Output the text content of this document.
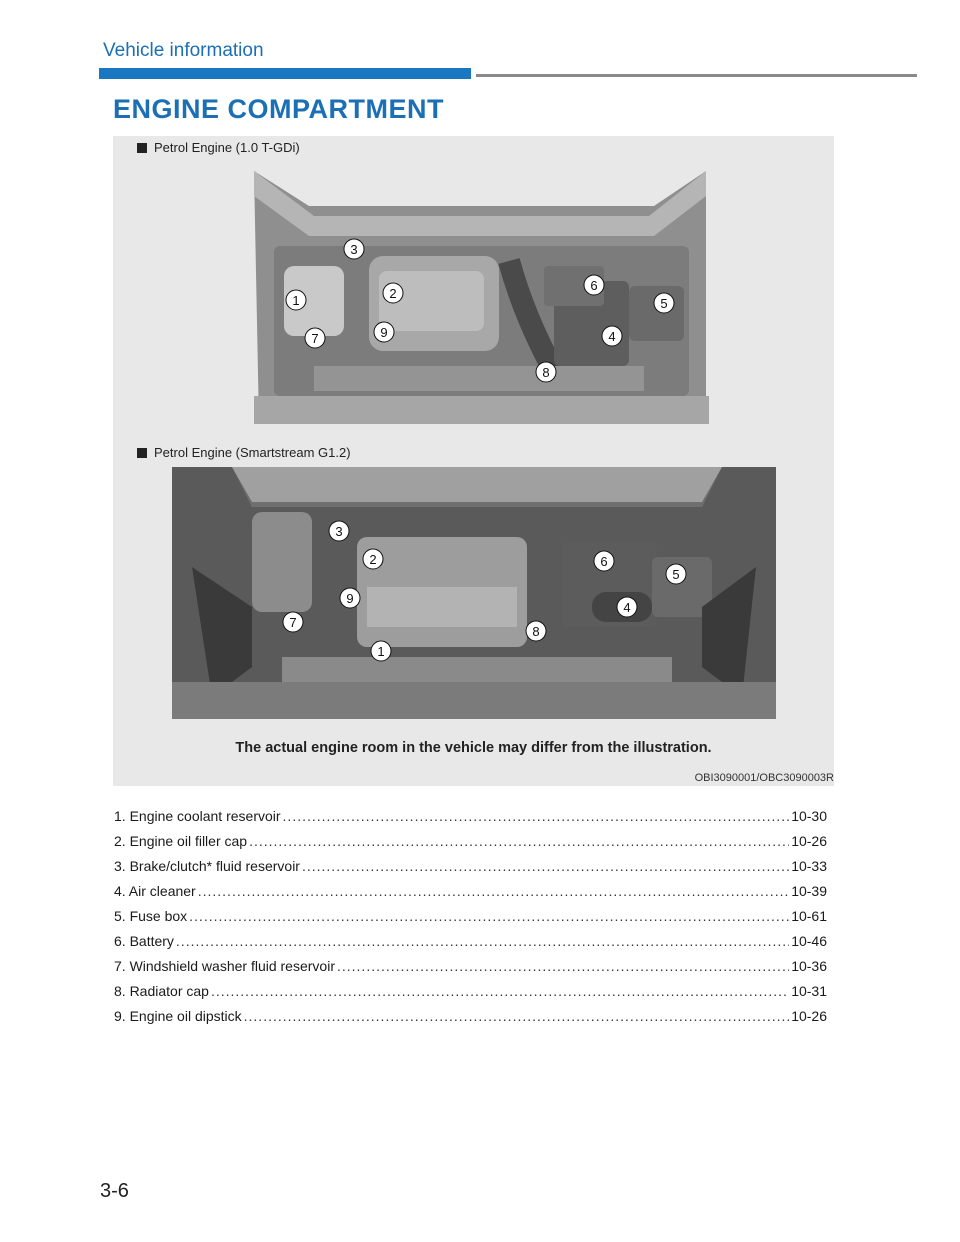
Vehicle information
ENGINE COMPARTMENT
Petrol Engine (1.0 T-GDi)
1	2
3
4
5
6
7
8
9
Petrol Engine (Smartstream G1.2)
1
2
3
4
5
6
7
8
9
The actual engine room in the vehicle may differ from the illustration.
OBI3090001/OBC3090003R
1. Engine coolant reservoir .....	10-30
2. Engine oil filler cap .....	10-26
3. Brake/clutch* fluid reservoir .....	10-33
4. Air cleaner .....	10-39
5. Fuse box .....	10-61
6. Battery .....	10-46
7. Windshield washer fluid reservoir .....	10-36
8. Radiator cap .....	10-31
9. Engine oil dipstick .....	10-26
3-6
